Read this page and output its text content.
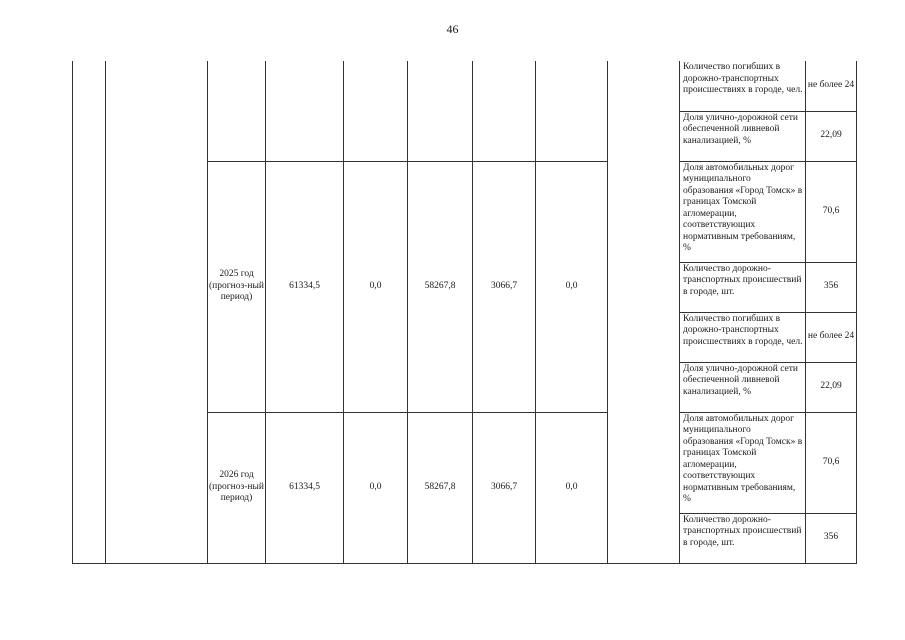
46
									Количество погибших в дорожно-транспортных происшествиях в городе, чел.	не более 24
									Доля улично-дорожной сети обеспеченной ливневой канализацией, %	22,09
		2025 год (прогноз-ный период)	61334,5	0,0	58267,8	3066,7	0,0		Доля автомобильных дорог муниципального образования «Город Томск» в границах Томской агломерации, соответствующих нормативным требованиям, %	70,6
									Количество дорожно-транспортных происшествий в городе, шт.	356
									Количество погибших в дорожно-транспортных происшествиях в городе, чел.	не более 24
									Доля улично-дорожной сети обеспеченной ливневой канализацией, %	22,09
		2026 год (прогноз-ный период)	61334,5	0,0	58267,8	3066,7	0,0		Доля автомобильных дорог муниципального образования «Город Томск» в границах Томской агломерации, соответствующих нормативным требованиям, %	70,6
									Количество дорожно-транспортных происшествий в городе, шт.	356
